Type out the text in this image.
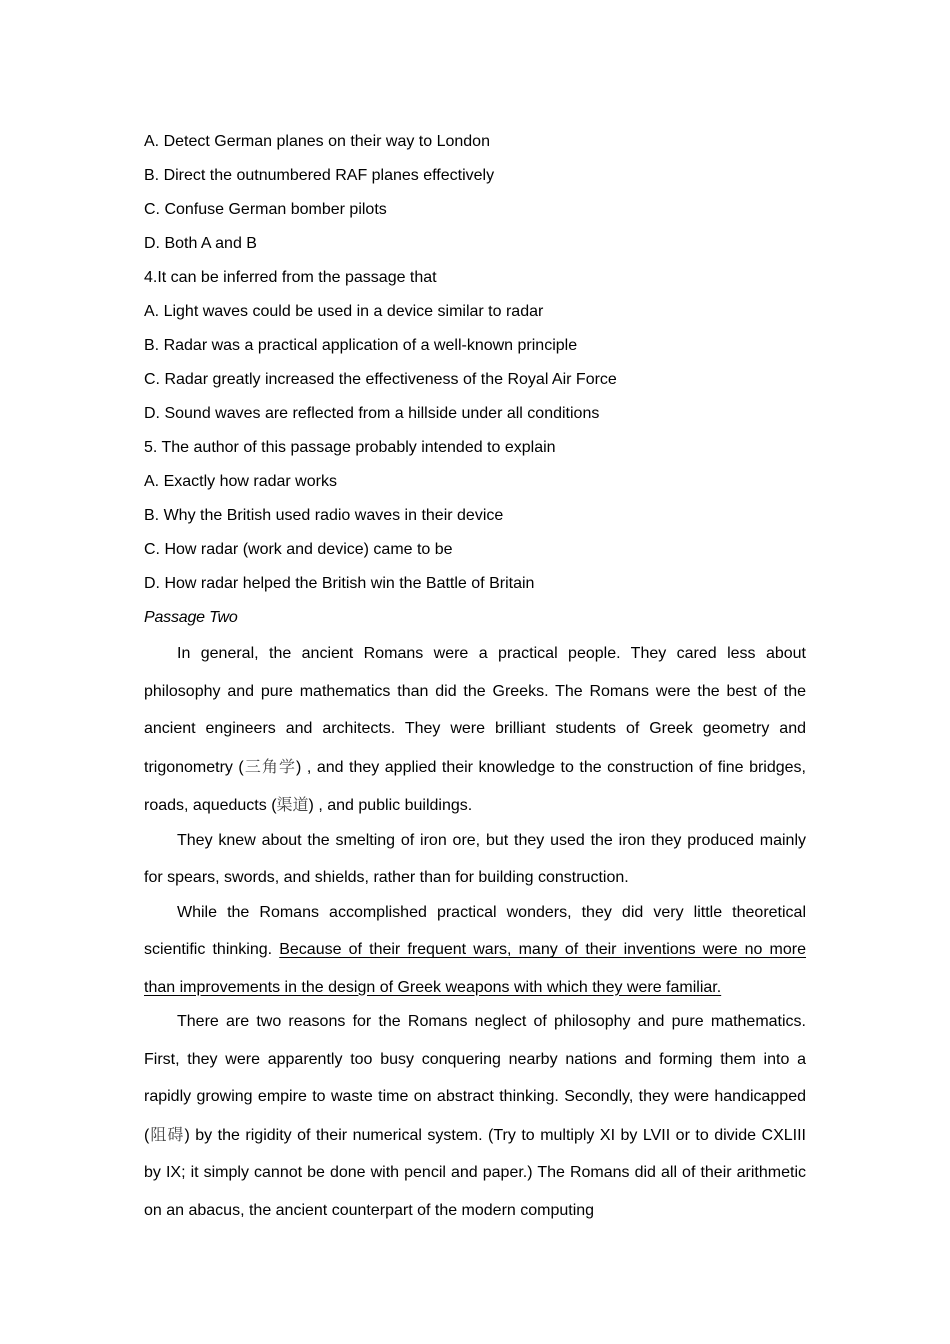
A. Detect German planes on their way to London
B. Direct the outnumbered RAF planes effectively
C. Confuse German bomber pilots
D. Both A and B
4.It can be inferred from the passage that
A. Light waves could be used in a device similar to radar
B. Radar was a practical application of a well-known principle
C. Radar greatly increased the effectiveness of the Royal Air Force
D. Sound waves are reflected from a hillside under all conditions
5. The author of this passage probably intended to explain
A. Exactly how radar works
B. Why the British used radio waves in their device
C. How radar (work and device) came to be
D. How radar helped the British win the Battle of Britain
Passage Two

In general, the ancient Romans were a practical people. They cared less about philosophy and pure mathematics than did the Greeks. The Romans were the best of the ancient engineers and architects. They were brilliant students of Greek geometry and trigonometry (三角学) , and they applied their knowledge to the construction of fine bridges, roads, aqueducts (渠道) , and public buildings.

They knew about the smelting of iron ore, but they used the iron they produced mainly for spears, swords, and shields, rather than for building construction.

While the Romans accomplished practical wonders, they did very little theoretical scientific thinking. Because of their frequent wars, many of their inventions were no more than improvements in the design of Greek weapons with which they were familiar.

There are two reasons for the Romans neglect of philosophy and pure mathematics. First, they were apparently too busy conquering nearby nations and forming them into a rapidly growing empire to waste time on abstract thinking. Secondly, they were handicapped (阻碍) by the rigidity of their numerical system. (Try to multiply XI by LVII or to divide CXLIII by IX; it simply cannot be done with pencil and paper.) The Romans did all of their arithmetic on an abacus, the ancient counterpart of the modern computing
